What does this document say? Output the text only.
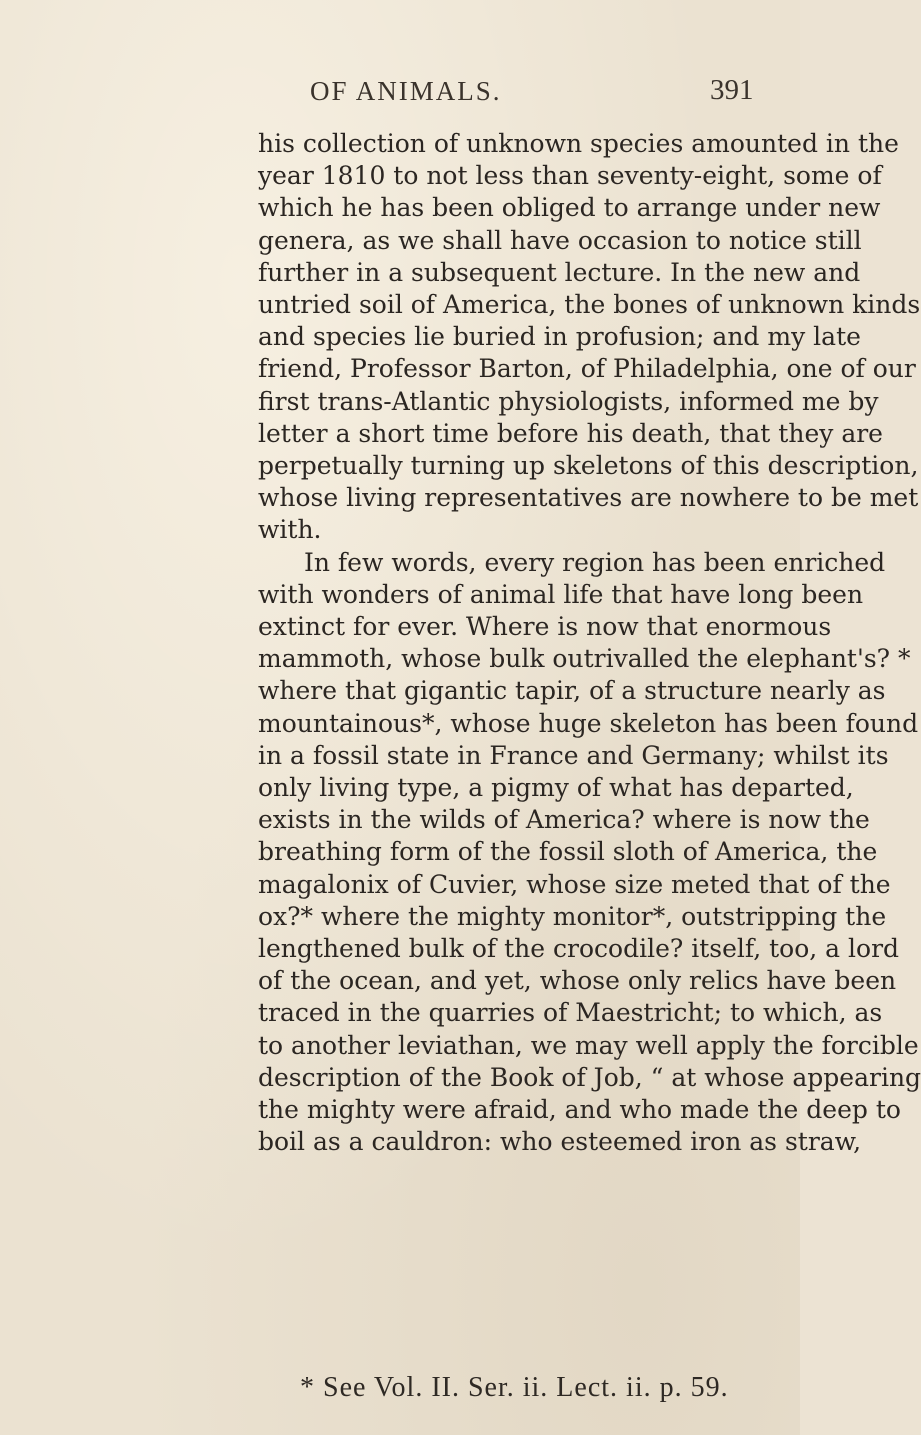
OF ANIMALS.	391
his collection of unknown species amounted in the
year 1810 to not less than seventy-eight, some of
which he has been obliged to arrange under new
genera, as we shall have occasion to notice still
further in a subsequent lecture. In the new and
untried soil of America, the bones of unknown kinds
and species lie buried in profusion; and my late
friend, Professor Barton, of Philadelphia, one of our
first trans-Atlantic physiologists, informed me by
letter a short time before his death, that they are
perpetually turning up skeletons of this description,
whose living representatives are nowhere to be met
with.
In few words, every region has been enriched
with wonders of animal life that have long been
extinct for ever. Where is now that enormous
mammoth, whose bulk outrivalled the elephant's? *
where that gigantic tapir, of a structure nearly as
mountainous*, whose huge skeleton has been found
in a fossil state in France and Germany; whilst its
only living type, a pigmy of what has departed,
exists in the wilds of America? where is now the
breathing form of the fossil sloth of America, the
magalonix of Cuvier, whose size meted that of the
ox?* where the mighty monitor*, outstripping the
lengthened bulk of the crocodile? itself, too, a lord
of the ocean, and yet, whose only relics have been
traced in the quarries of Maestricht; to which, as
to another leviathan, we may well apply the forcible
description of the Book of Job, “ at whose appearing
the mighty were afraid, and who made the deep to
boil as a cauldron: who esteemed iron as straw,
* See Vol. II. Ser. ii. Lect. ii. p. 59.
